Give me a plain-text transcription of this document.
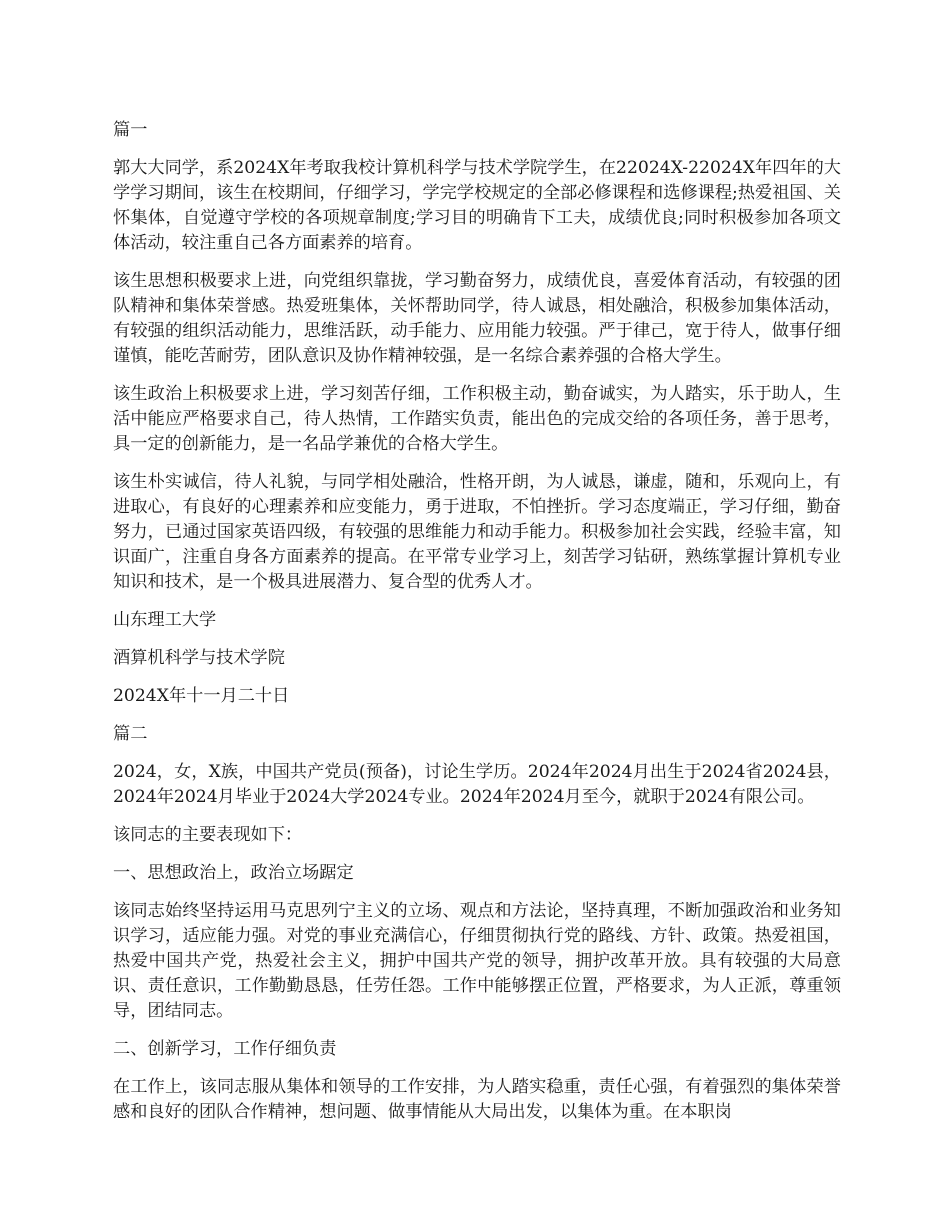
篇一

郭大大同学，系2024X年考取我校计算机科学与技术学院学生，在22024X-22024X年四年的大学学习期间，该生在校期间，仔细学习，学完学校规定的全部必修课程和选修课程;热爱祖国、关怀集体，自觉遵守学校的各项规章制度;学习目的明确肯下工夫，成绩优良;同时积极参加各项文体活动，较注重自己各方面素养的培育。

该生思想积极要求上进，向党组织靠拢，学习勤奋努力，成绩优良，喜爱体育活动，有较强的团队精神和集体荣誉感。热爱班集体，关怀帮助同学，待人诚恳，相处融洽，积极参加集体活动，有较强的组织活动能力，思维活跃，动手能力、应用能力较强。严于律己，宽于待人，做事仔细谨慎，能吃苦耐劳，团队意识及协作精神较强，是一名综合素养强的合格大学生。

该生政治上积极要求上进，学习刻苦仔细，工作积极主动，勤奋诚实，为人踏实，乐于助人，生活中能应严格要求自己，待人热情，工作踏实负责，能出色的完成交给的各项任务，善于思考，具一定的创新能力，是一名品学兼优的合格大学生。

该生朴实诚信，待人礼貌，与同学相处融洽，性格开朗，为人诚恳，谦虚，随和，乐观向上，有进取心，有良好的心理素养和应变能力，勇于进取，不怕挫折。学习态度端正，学习仔细，勤奋努力，已通过国家英语四级，有较强的思维能力和动手能力。积极参加社会实践，经验丰富，知识面广，注重自身各方面素养的提高。在平常专业学习上，刻苦学习钻研，熟练掌握计算机专业知识和技术，是一个极具进展潜力、复合型的优秀人才。

山东理工大学

酒算机科学与技术学院

2024X年十一月二十日

篇二

2024，女，X族，中国共产党员(预备)，讨论生学历。2024年2024月出生于2024省2024县，2024年2024月毕业于2024大学2024专业。2024年2024月至今，就职于2024有限公司。

该同志的主要表现如下：

一、思想政治上，政治立场踞定

该同志始终坚持运用马克思列宁主义的立场、观点和方法论，坚持真理，不断加强政治和业务知识学习，适应能力强。对党的事业充满信心，仔细贯彻执行党的路线、方针、政策。热爱祖国，热爱中国共产党，热爱社会主义，拥护中国共产党的领导，拥护改革开放。具有较强的大局意识、责任意识，工作勤勤恳恳，任劳任怨。工作中能够摆正位置，严格要求，为人正派，尊重领导，团结同志。

二、创新学习，工作仔细负责

在工作上，该同志服从集体和领导的工作安排，为人踏实稳重，责任心强，有着强烈的集体荣誉感和良好的团队合作精神，想问题、做事情能从大局出发，以集体为重。在本职岗
